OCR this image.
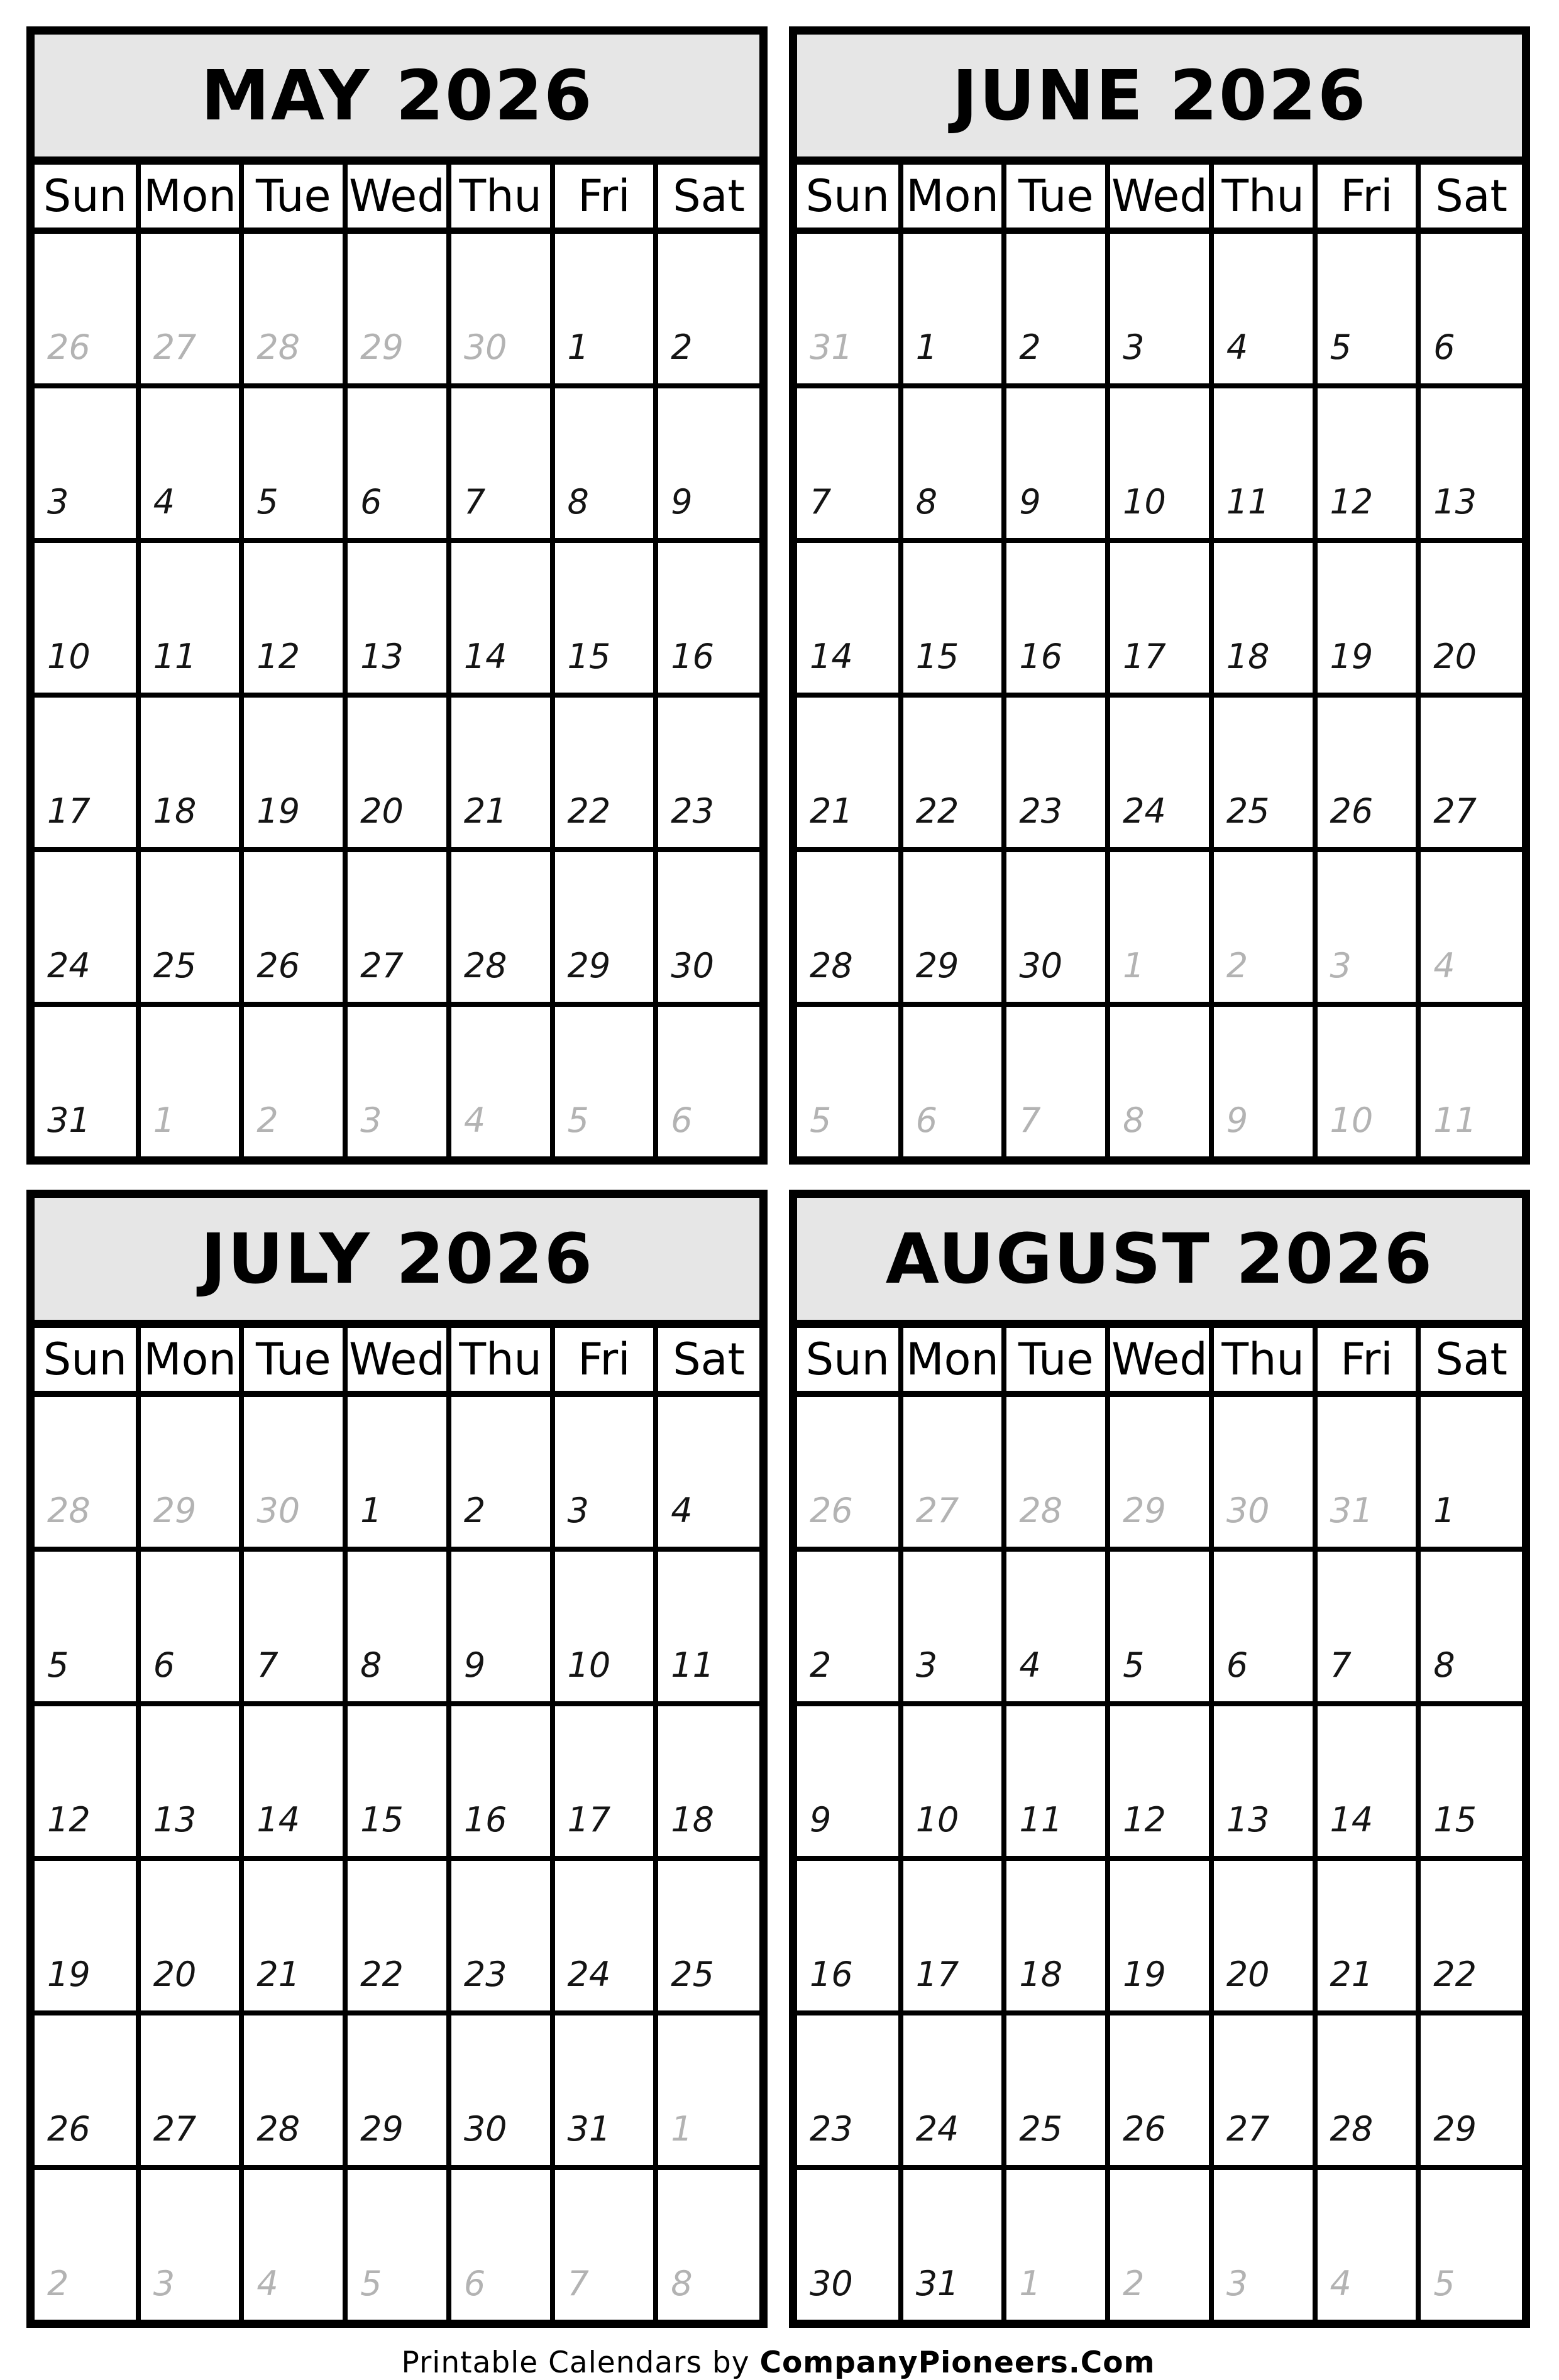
MAY 2026
Sun	Mon	Tue	Wed	Thu	Fri	Sat
26	27	28	29	30	1	2
3	4	5	6	7	8	9
10	11	12	13	14	15	16
17	18	19	20	21	22	23
24	25	26	27	28	29	30
31	1	2	3	4	5	6
JUNE 2026
Sun	Mon	Tue	Wed	Thu	Fri	Sat
31	1	2	3	4	5	6
7	8	9	10	11	12	13
14	15	16	17	18	19	20
21	22	23	24	25	26	27
28	29	30	1	2	3	4
5	6	7	8	9	10	11
JULY 2026
Sun	Mon	Tue	Wed	Thu	Fri	Sat
28	29	30	1	2	3	4
5	6	7	8	9	10	11
12	13	14	15	16	17	18
19	20	21	22	23	24	25
26	27	28	29	30	31	1
2	3	4	5	6	7	8
AUGUST 2026
Sun	Mon	Tue	Wed	Thu	Fri	Sat
26	27	28	29	30	31	1
2	3	4	5	6	7	8
9	10	11	12	13	14	15
16	17	18	19	20	21	22
23	24	25	26	27	28	29
30	31	1	2	3	4	5
Printable Calendars by CompanyPioneers.Com
